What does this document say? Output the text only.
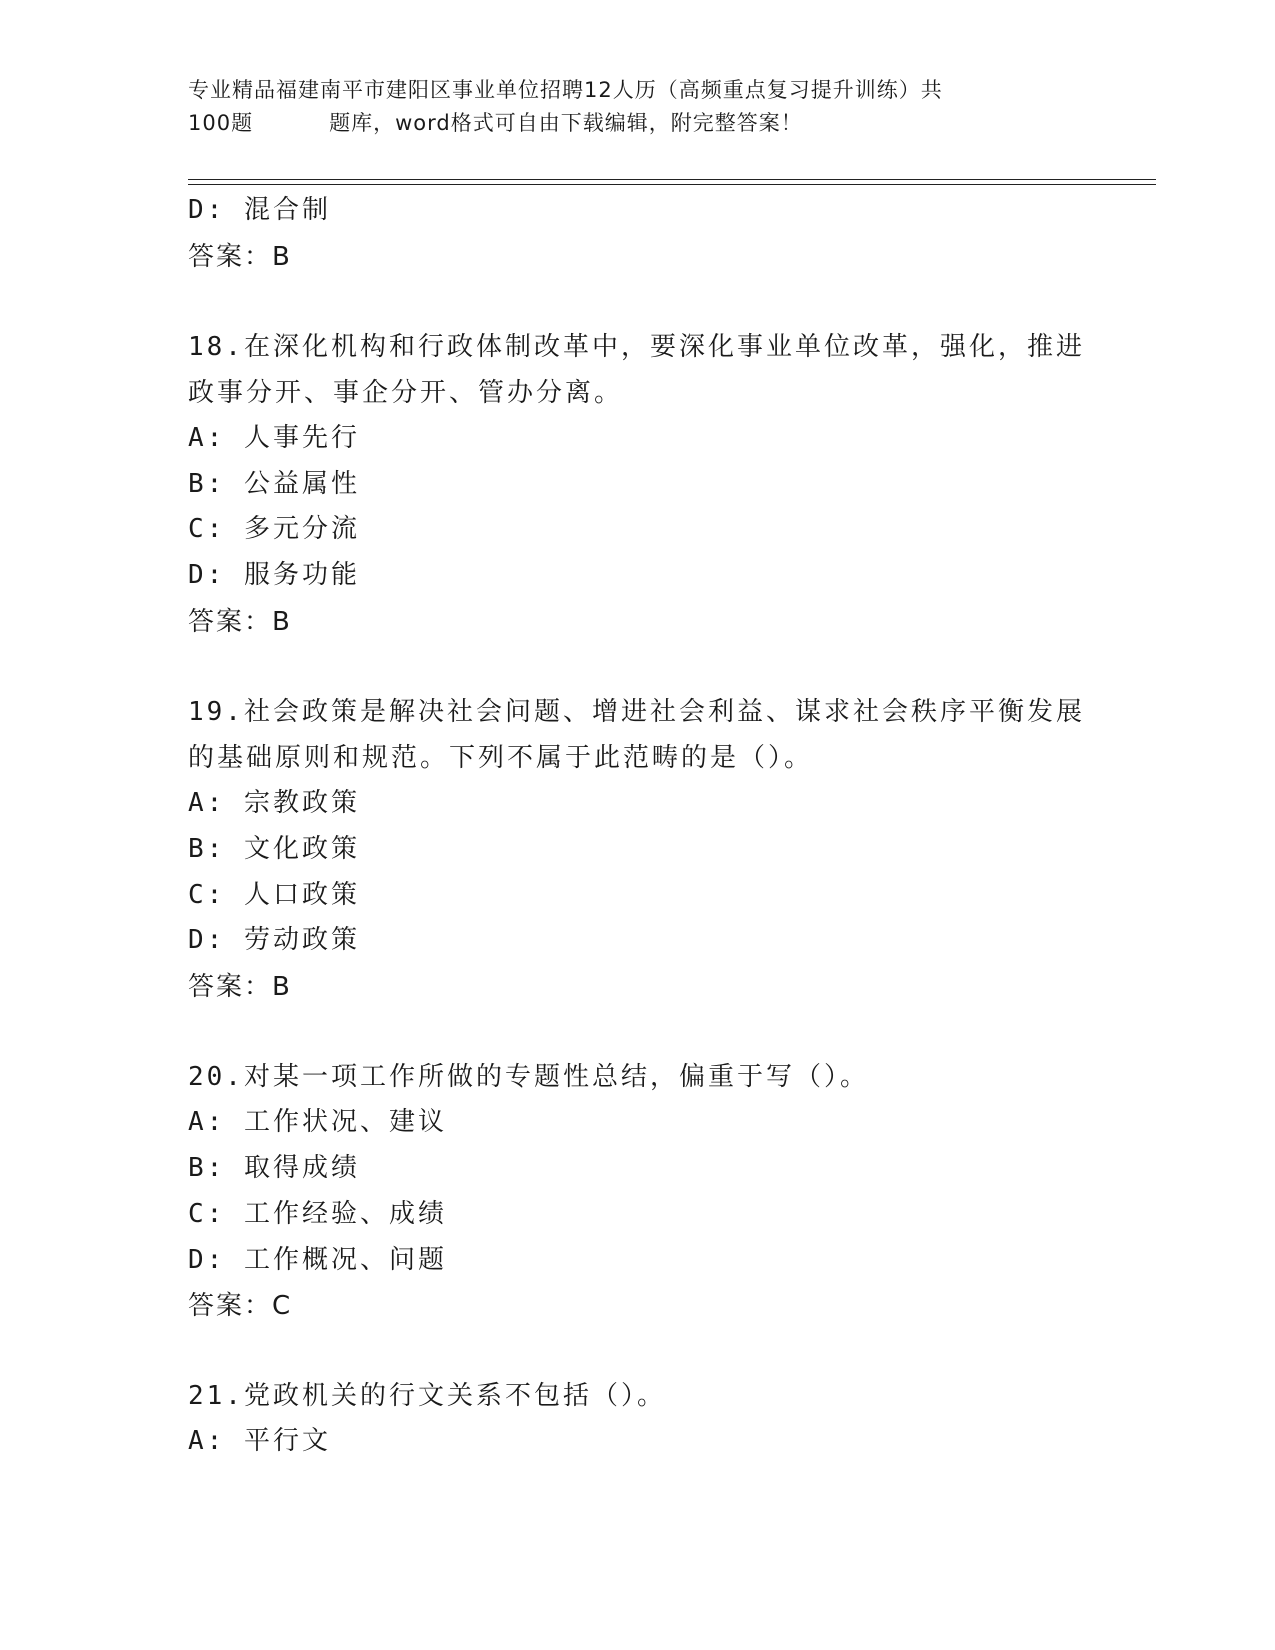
专业精品福建南平市建阳区事业单位招聘12人历（高频重点复习提升训练）共
100题	题库，word格式可自由下载编辑，附完整答案！
D: 混合制
答案：B
18.在深化机构和行政体制改革中，要深化事业单位改革，强化，推进
政事分开、事企分开、管办分离。
A: 人事先行
B: 公益属性
C: 多元分流
D: 服务功能
答案：B
19.社会政策是解决社会问题、增进社会利益、谋求社会秩序平衡发展
的基础原则和规范。下列不属于此范畴的是（）。
A: 宗教政策
B: 文化政策
C: 人口政策
D: 劳动政策
答案：B
20.对某一项工作所做的专题性总结，偏重于写（）。
A: 工作状况、建议
B: 取得成绩
C: 工作经验、成绩
D: 工作概况、问题
答案：C
21.党政机关的行文关系不包括（）。
A: 平行文
